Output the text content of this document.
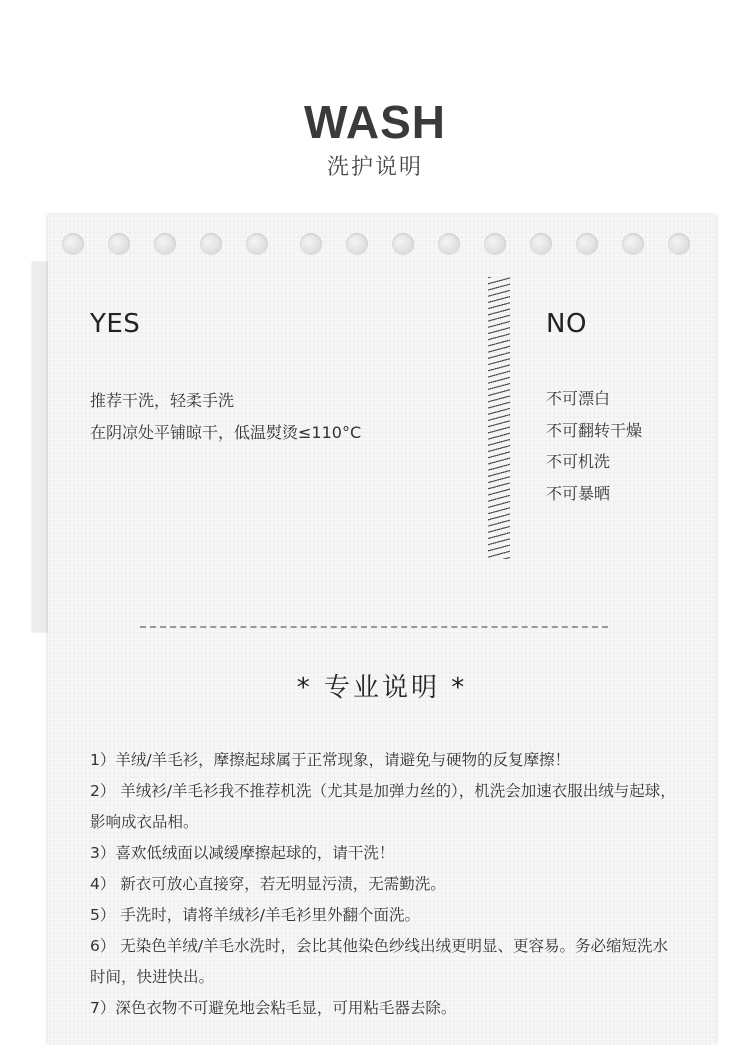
WASH
洗护说明
YES
推荐干洗，轻柔手洗
在阴凉处平铺晾干，低温熨烫≤110°C
NO
不可漂白
不可翻转干燥
不可机洗
不可暴晒
* 专业说明 *
1）羊绒/羊毛衫，摩擦起球属于正常现象，请避免与硬物的反复摩擦！
2） 羊绒衫/羊毛衫我不推荐机洗（尤其是加弹力丝的），机洗会加速衣服出绒与起球，影响成衣品相。
3）喜欢低绒面以减缓摩擦起球的，请干洗！
4） 新衣可放心直接穿，若无明显污渍，无需勤洗。
5） 手洗时，请将羊绒衫/羊毛衫里外翻个面洗。
6） 无染色羊绒/羊毛水洗时，会比其他染色纱线出绒更明显、更容易。务必缩短洗水时间，快进快出。
7）深色衣物不可避免地会粘毛显，可用粘毛器去除。
